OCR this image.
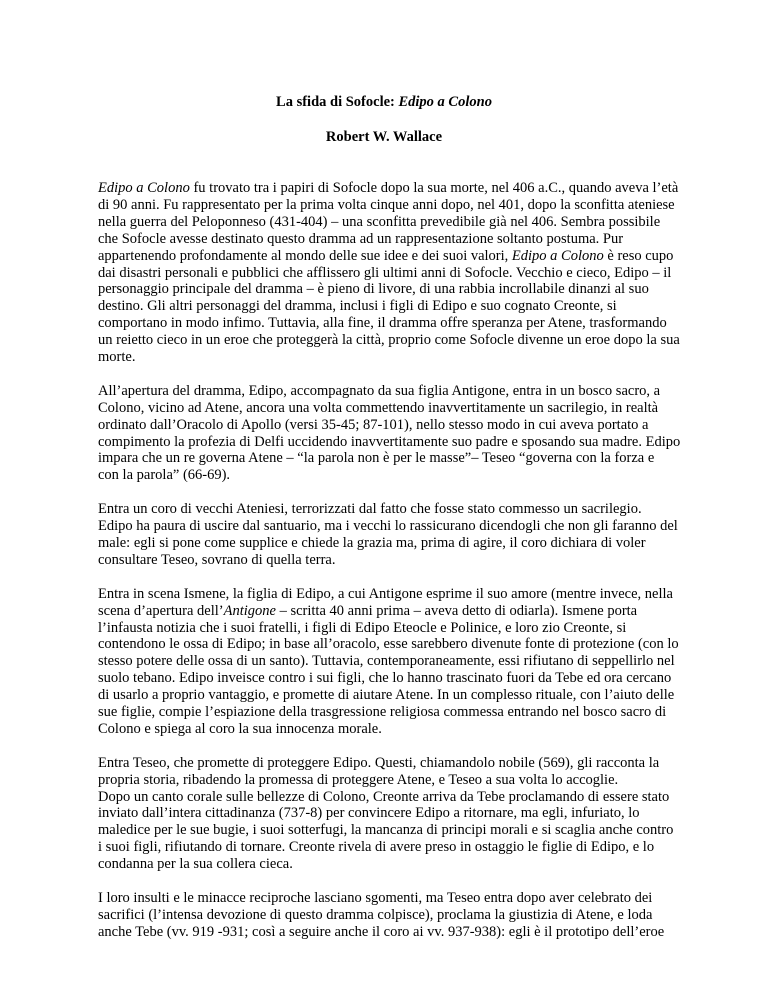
La sfida di Sofocle: Edipo a Colono
Robert W. Wallace
Edipo a Colono fu trovato tra i papiri di Sofocle dopo la sua morte, nel 406 a.C., quando aveva l’età
di 90 anni. Fu rappresentato per la prima volta cinque anni dopo, nel 401, dopo la sconfitta ateniese
nella guerra del Peloponneso (431-404) – una sconfitta prevedibile già nel 406. Sembra possibile
che Sofocle avesse destinato questo dramma ad un rappresentazione soltanto postuma. Pur
appartenendo profondamente al mondo delle sue idee e dei suoi valori, Edipo a Colono è reso cupo
dai disastri personali e pubblici che afflissero gli ultimi anni di Sofocle. Vecchio e cieco, Edipo – il
personaggio principale del dramma – è pieno di livore, di una rabbia incrollabile dinanzi al suo
destino. Gli altri personaggi del dramma, inclusi i figli di Edipo e suo cognato Creonte, si
comportano in modo infimo. Tuttavia, alla fine, il dramma offre speranza per Atene, trasformando
un reietto cieco in un eroe che proteggerà la città, proprio come Sofocle divenne un eroe dopo la sua
morte.
All’apertura del dramma, Edipo, accompagnato da sua figlia Antigone, entra in un bosco sacro, a
Colono, vicino ad Atene, ancora una volta commettendo inavvertitamente un sacrilegio, in realtà
ordinato dall’Oracolo di Apollo (versi 35-45; 87-101), nello stesso modo in cui aveva portato a
compimento la profezia di Delfi uccidendo inavvertitamente suo padre e sposando sua madre. Edipo
impara che un re governa Atene – “la parola non è per le masse”– Teseo “governa con la forza e
con la parola” (66-69).
Entra un coro di vecchi Ateniesi, terrorizzati dal fatto che fosse stato commesso un sacrilegio.
Edipo ha paura di uscire dal santuario, ma i vecchi lo rassicurano dicendogli che non gli faranno del
male: egli si pone come supplice e chiede la grazia ma, prima di agire, il coro dichiara di voler
consultare Teseo, sovrano di quella terra.
Entra in scena Ismene, la figlia di Edipo, a cui Antigone esprime il suo amore (mentre invece, nella
scena d’apertura dell’Antigone – scritta 40 anni prima – aveva detto di odiarla). Ismene porta
l’infausta notizia che i suoi fratelli, i figli di Edipo Eteocle e Polinice, e loro zio Creonte, si
contendono le ossa di Edipo; in base all’oracolo, esse sarebbero divenute fonte di protezione (con lo
stesso potere delle ossa di un santo). Tuttavia, contemporaneamente, essi rifiutano di seppellirlo nel
suolo tebano. Edipo inveisce contro i sui figli, che lo hanno trascinato fuori da Tebe ed ora cercano
di usarlo a proprio vantaggio, e promette di aiutare Atene. In un complesso rituale, con l’aiuto delle
sue figlie, compie l’espiazione della trasgressione religiosa commessa entrando nel bosco sacro di
Colono e spiega al coro la sua innocenza morale.
Entra Teseo, che promette di proteggere Edipo. Questi, chiamandolo nobile (569), gli racconta la
propria storia, ribadendo la promessa di proteggere Atene, e Teseo a sua volta lo accoglie.
Dopo un canto corale sulle bellezze di Colono, Creonte arriva da Tebe proclamando di essere stato
inviato dall’intera cittadinanza (737-8) per convincere Edipo a ritornare, ma egli, infuriato, lo
maledice per le sue bugie, i suoi sotterfugi, la mancanza di principi morali e si scaglia anche contro
i suoi figli, rifiutando di tornare. Creonte rivela di avere preso in ostaggio le figlie di Edipo, e lo
condanna per la sua collera cieca.
I loro insulti e le minacce reciproche lasciano sgomenti, ma Teseo entra dopo aver celebrato dei
sacrifici (l’intensa devozione di questo dramma colpisce), proclama la giustizia di Atene, e loda
anche Tebe (vv. 919 -931; così a seguire anche il coro ai vv. 937-938): egli è il prototipo dell’eroe
